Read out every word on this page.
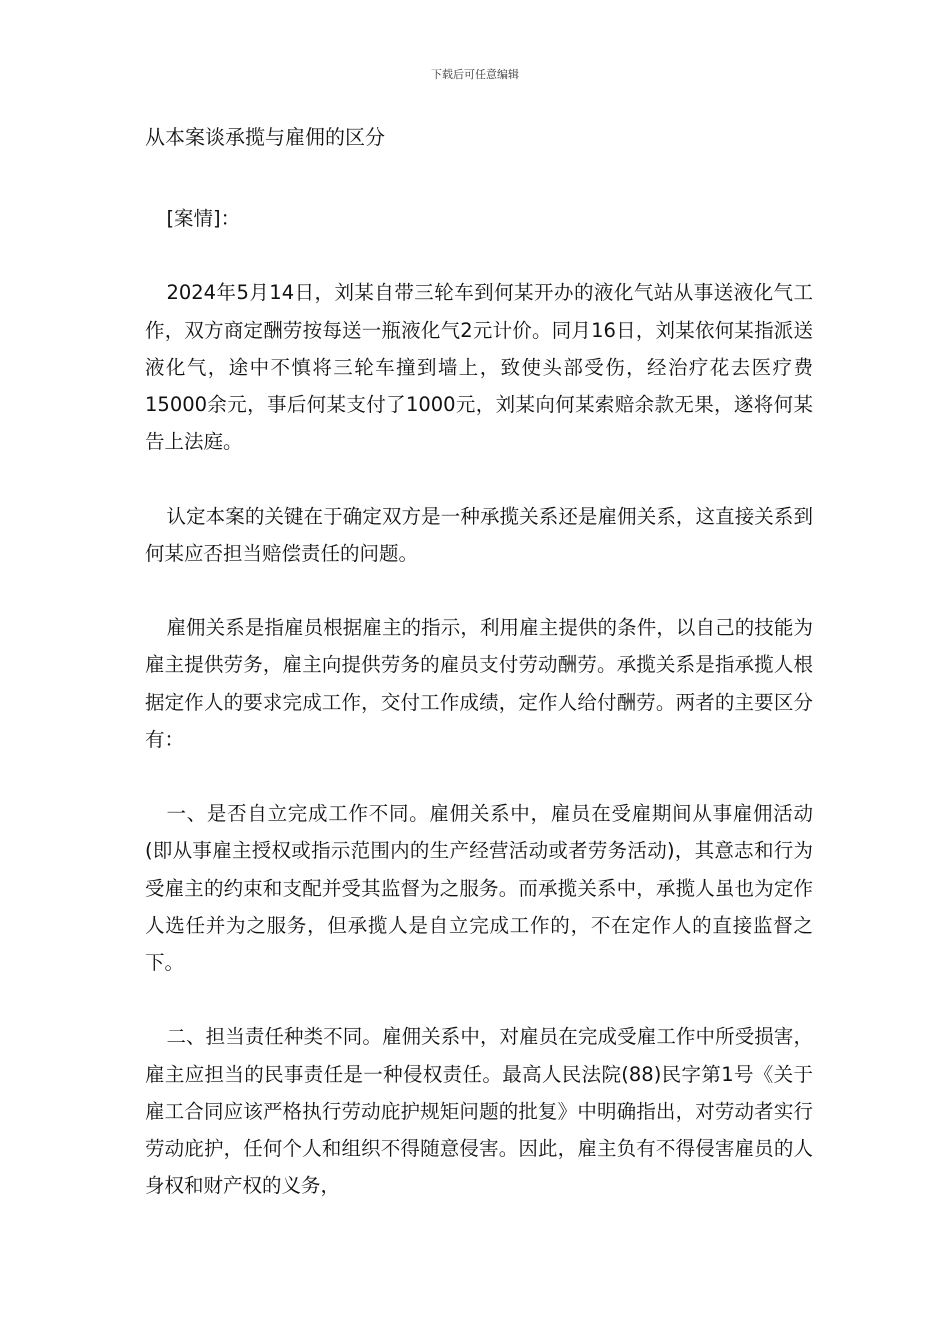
下载后可任意编辑
从本案谈承揽与雇佣的区分

[案情]：

2024年5月14日，刘某自带三轮车到何某开办的液化气站从事送液化气工作，双方商定酬劳按每送一瓶液化气2元计价。同月16日，刘某依何某指派送液化气，途中不慎将三轮车撞到墙上，致使头部受伤，经治疗花去医疗费15000余元，事后何某支付了1000元，刘某向何某索赔余款无果，遂将何某告上法庭。

认定本案的关键在于确定双方是一种承揽关系还是雇佣关系，这直接关系到何某应否担当赔偿责任的问题。

雇佣关系是指雇员根据雇主的指示，利用雇主提供的条件，以自己的技能为雇主提供劳务，雇主向提供劳务的雇员支付劳动酬劳。承揽关系是指承揽人根据定作人的要求完成工作，交付工作成绩，定作人给付酬劳。两者的主要区分有：

一、是否自立完成工作不同。雇佣关系中，雇员在受雇期间从事雇佣活动(即从事雇主授权或指示范围内的生产经营活动或者劳务活动)，其意志和行为受雇主的约束和支配并受其监督为之服务。而承揽关系中，承揽人虽也为定作人选任并为之服务，但承揽人是自立完成工作的，不在定作人的直接监督之下。

二、担当责任种类不同。雇佣关系中，对雇员在完成受雇工作中所受损害，雇主应担当的民事责任是一种侵权责任。最高人民法院(88)民字第1号《关于雇工合同应该严格执行劳动庇护规矩问题的批复》中明确指出，对劳动者实行劳动庇护，任何个人和组织不得随意侵害。因此，雇主负有不得侵害雇员的人身权和财产权的义务，
